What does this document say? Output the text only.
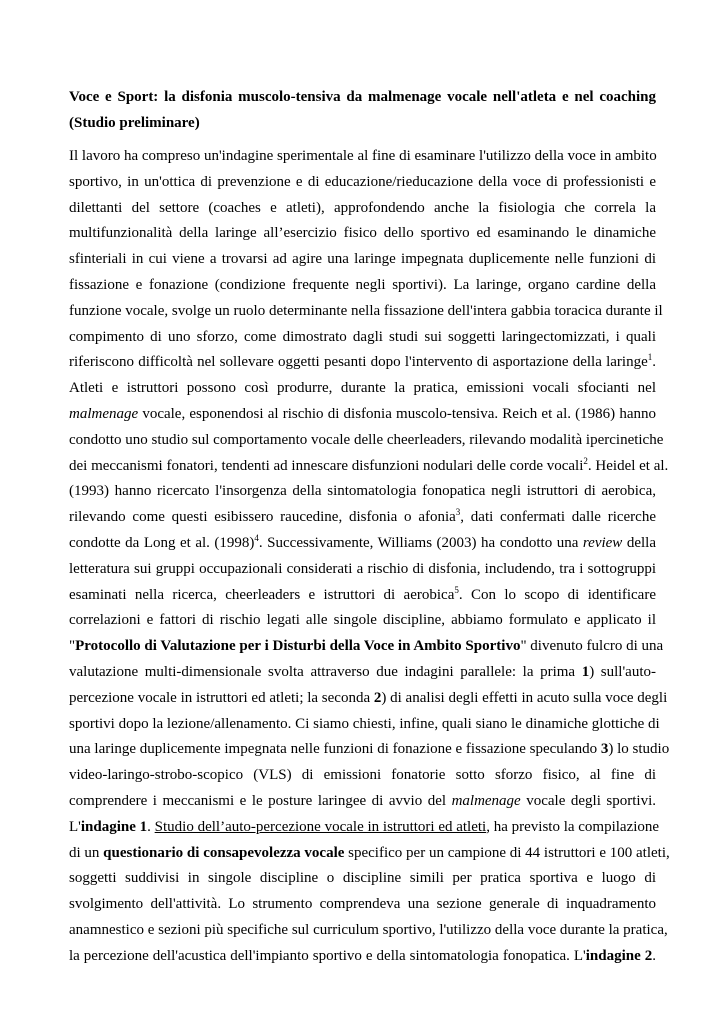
Voce e Sport: la disfonia muscolo-tensiva da malmenage vocale nell'atleta e nel coaching
(Studio preliminare)
Il lavoro ha compreso un'indagine sperimentale al fine di esaminare l'utilizzo della voce in ambito
sportivo, in un'ottica di prevenzione e di educazione/rieducazione della voce di professionisti e
dilettanti del settore (coaches e atleti), approfondendo anche la fisiologia che correla la
multifunzionalità della laringe all’esercizio fisico dello sportivo ed esaminando le dinamiche
sfinteriali in cui viene a trovarsi ad agire una laringe impegnata duplicemente nelle funzioni di
fissazione e fonazione (condizione frequente negli sportivi). La laringe, organo cardine della
funzione vocale, svolge un ruolo determinante nella fissazione dell'intera gabbia toracica durante il
compimento di uno sforzo, come dimostrato dagli studi sui soggetti laringectomizzati, i quali
riferiscono difficoltà nel sollevare oggetti pesanti dopo l'intervento di asportazione della laringe$^1$.
Atleti e istruttori possono così produrre, durante la pratica, emissioni vocali sfocianti nel
malmenage vocale, esponendosi al rischio di disfonia muscolo-tensiva. Reich et al. (1986) hanno
condotto uno studio sul comportamento vocale delle cheerleaders, rilevando modalità ipercinetiche
dei meccanismi fonatori, tendenti ad innescare disfunzioni nodulari delle corde vocali$^2$. Heidel et al.
(1993) hanno ricercato l'insorgenza della sintomatologia fonopatica negli istruttori di aerobica,
rilevando come questi esibissero raucedine, disfonia o afonia$^3$, dati confermati dalle ricerche
condotte da Long et al. $(1998)^4$. Successivamente, Williams (2003) ha condotto una review della
letteratura sui gruppi occupazionali considerati a rischio di disfonia, includendo, tra i sottogruppi
esaminati nella ricerca, cheerleaders e istruttori di aerobica$^5$. Con lo scopo di identificare
correlazioni e fattori di rischio legati alle singole discipline, abbiamo formulato e applicato il
"Protocollo di Valutazione per i Disturbi della Voce in Ambito Sportivo" divenuto fulcro di una
valutazione multi-dimensionale svolta attraverso due indagini parallele: la prima 1) sull'auto-
percezione vocale in istruttori ed atleti; la seconda 2) di analisi degli effetti in acuto sulla voce degli
sportivi dopo la lezione/allenamento. Ci siamo chiesti, infine, quali siano le dinamiche glottiche di
una laringe duplicemente impegnata nelle funzioni di fonazione e fissazione speculando 3) lo studio
video-laringo-strobo-scopico (VLS) di emissioni fonatorie sotto sforzo fisico, al fine di
comprendere i meccanismi e le posture laringee di avvio del malmenage vocale degli sportivi.
L'indagine 1. Studio dell’auto-percezione vocale in istruttori ed atleti, ha previsto la compilazione
di un questionario di consapevolezza vocale specifico per un campione di 44 istruttori e 100 atleti,
soggetti suddivisi in singole discipline o discipline simili per pratica sportiva e luogo di
svolgimento dell'attività. Lo strumento comprendeva una sezione generale di inquadramento
anamnestico e sezioni più specifiche sul curriculum sportivo, l'utilizzo della voce durante la pratica,
la percezione dell'acustica dell'impianto sportivo e della sintomatologia fonopatica. L'indagine 2.
